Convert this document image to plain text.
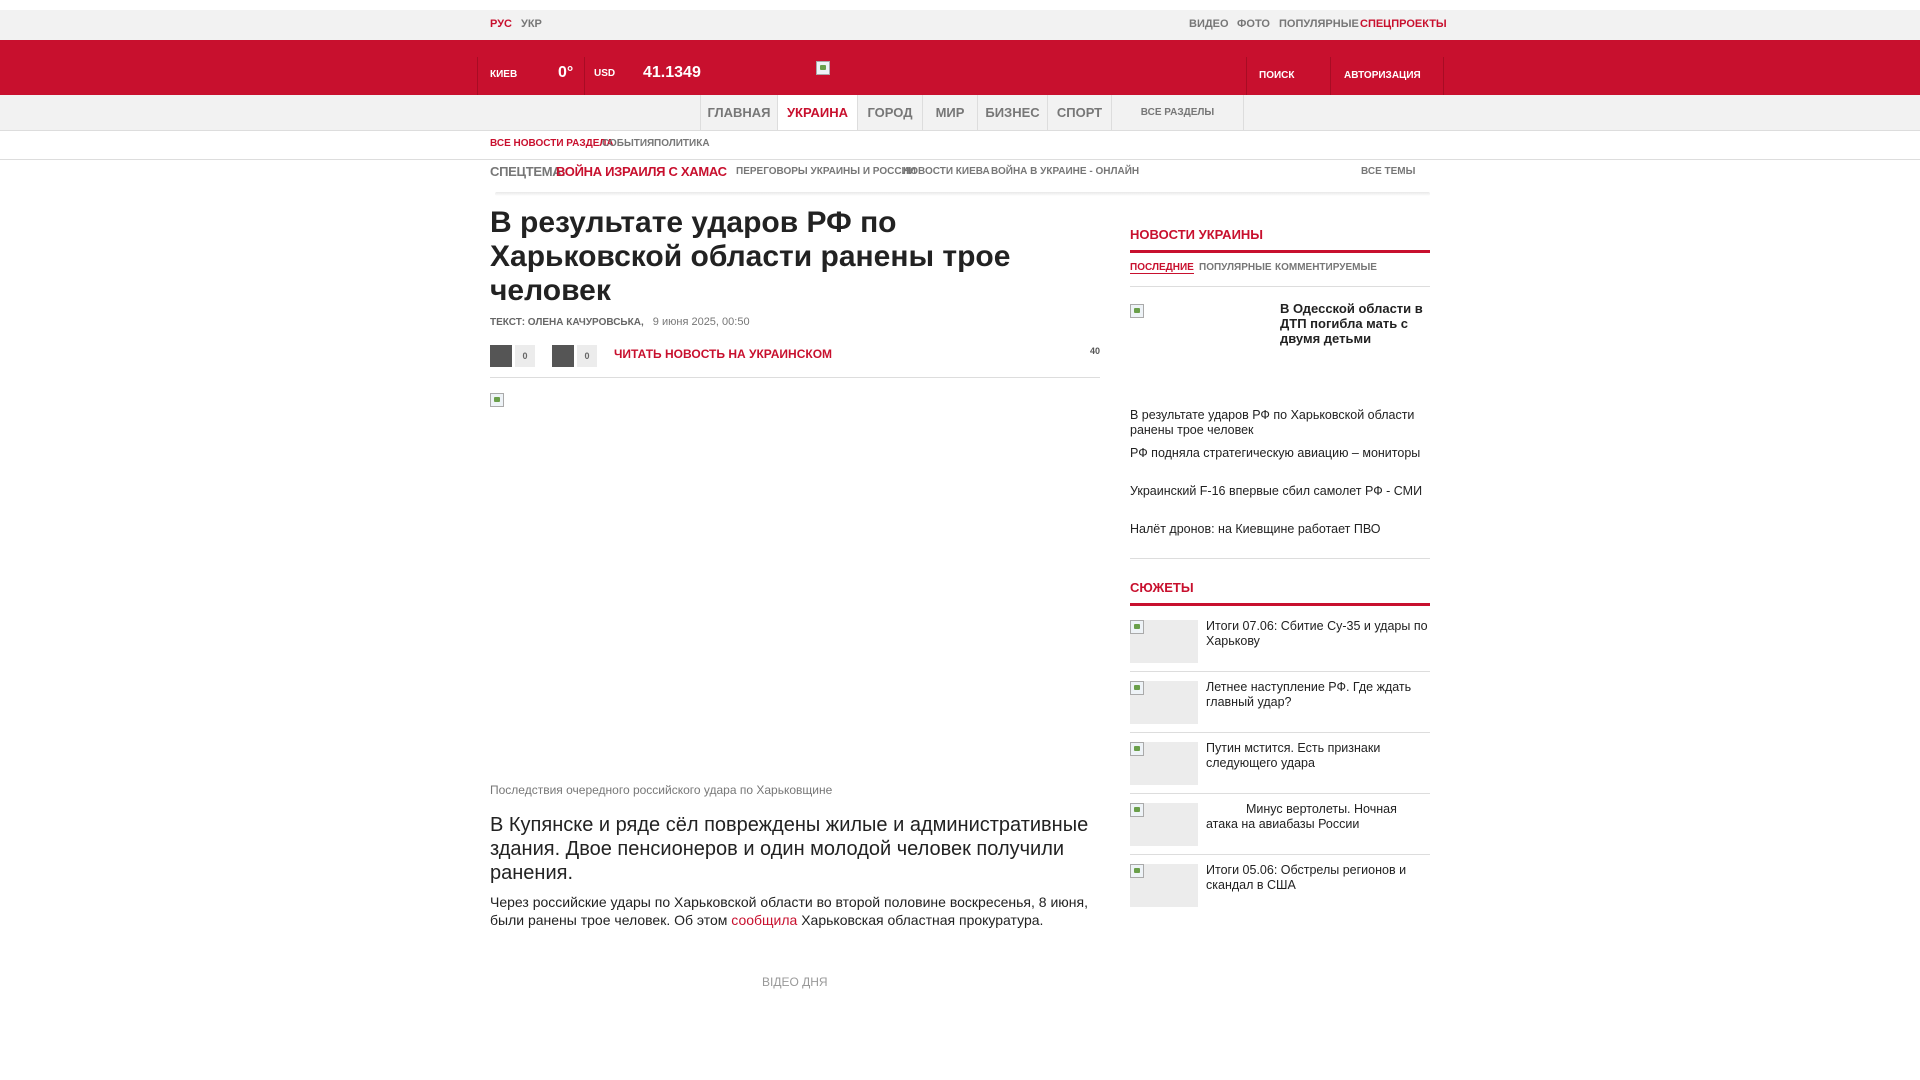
РУС УКР	ВИДЕО ФОТО ПОПУЛЯРНЫЕ СПЕЦПРОЕКТЫ
КИЕВ	0° USD 41.1349	ПОИСК	АВТОРИЗАЦИЯ
ГЛАВНАЯ	УКРАИНА	ГОРОД	МИР	БИЗНЕС	СПОРТ	ВСЕ РАЗДЕЛЫ
ВСЕ НОВОСТИ РАЗДЕЛА
СОБЫТИЯ ПОЛИТИКА
СПЕЦТЕМА:
ВОЙНА ИЗРАИЛЯ С ХАМАС ПЕРЕГОВОРЫ УКРАИНЫ И РОССИИ
НОВОСТИ КИЕВА ВОЙНА В УКРАИНЕ - ОНЛАЙН	ВСЕ ТЕМЫ
В результате ударов РФ по Харьковской области ранены трое человек
ТЕКСТ: ОЛЕНА КАЧУРОВСЬКА, 9 июня 2025, 00:50
0	0	ЧИТАТЬ НОВОСТЬ НА УКРАИНСКОМ	40
Последствия очередного российского удара по Харьковщине
В Купянске и ряде сёл повреждены жилые и административные здания. Двое пенсионеров и один молодой человек получили ранения.
Через российские удары по Харьковской области во второй половине воскресенья, 8 июня, были ранены трое человек. Об этом сообщила Харьковская областная прокуратура.
ВІДЕО ДНЯ
НОВОСТИ УКРАИНЫ
ПОСЛЕДНИЕ ПОПУЛЯРНЫЕ КОММЕНТИРУЕМЫЕ
В Одесской области в ДТП погибла мать с двумя детьми
В результате ударов РФ по Харьковской области ранены трое человек
РФ подняла стратегическую авиацию – мониторы
Украинский F-16 впервые сбил самолет РФ - СМИ
Налёт дронов: на Киевщине работает ПВО
СЮЖЕТЫ
Итоги 07.06: Сбитие Су-35 и удары по Харькову
Летнее наступление РФ. Где ждать главный удар?
Путин мстится. Есть признаки следующего удара
Минус вертолеты. Ночная атака на авиабазы России
Итоги 05.06: Обстрелы регионов и скандал в США
